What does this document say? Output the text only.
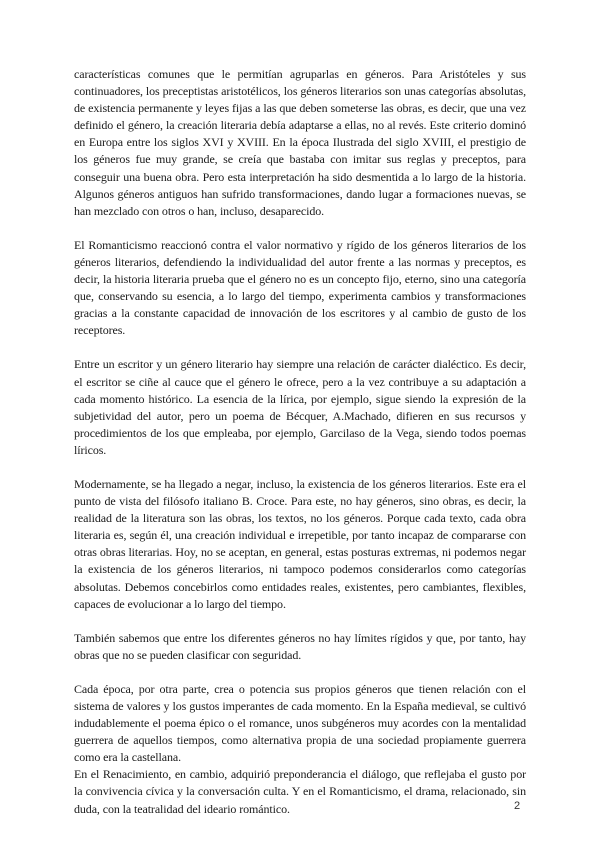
características comunes que le permitían agruparlas en géneros. Para Aristóteles y sus continuadores, los preceptistas aristotélicos, los géneros literarios son unas categorías absolutas, de existencia permanente y leyes fijas a las que deben someterse las obras, es decir, que una vez definido el género, la creación literaria debía adaptarse a ellas, no al revés. Este criterio dominó en Europa entre los siglos XVI y XVIII. En la época Ilustrada del siglo XVIII, el prestigio de los géneros fue muy grande, se creía que bastaba con imitar sus reglas y preceptos, para conseguir una buena obra. Pero esta interpretación ha sido desmentida a lo largo de la historia. Algunos géneros antiguos han sufrido transformaciones, dando lugar a formaciones nuevas, se han mezclado con otros o han, incluso, desaparecido.

El Romanticismo reaccionó contra el valor normativo y rígido de los géneros literarios de los géneros literarios, defendiendo la individualidad del autor frente a las normas y preceptos, es decir, la historia literaria prueba que el género no es un concepto fijo, eterno, sino una categoría que, conservando su esencia, a lo largo del tiempo, experimenta cambios y transformaciones gracias a la constante capacidad de innovación de los escritores y al cambio de gusto de los receptores.

Entre un escritor y un género literario hay siempre una relación de carácter dialéctico. Es decir, el escritor se ciñe al cauce que el género le ofrece, pero a la vez contribuye a su adaptación a cada momento histórico. La esencia de la lírica, por ejemplo, sigue siendo la expresión de la subjetividad del autor, pero un poema de Bécquer, A.Machado, difieren en sus recursos y procedimientos de los que empleaba, por ejemplo, Garcilaso de la Vega, siendo todos poemas líricos.

Modernamente, se ha llegado a negar, incluso, la existencia de los géneros literarios. Este era el punto de vista del filósofo italiano B. Croce. Para este, no hay géneros, sino obras, es decir, la realidad de la literatura son las obras, los textos, no los géneros. Porque cada texto, cada obra literaria es, según él, una creación individual e irrepetible, por tanto incapaz de compararse con otras obras literarias. Hoy, no se aceptan, en general, estas posturas extremas, ni podemos negar la existencia de los géneros literarios, ni tampoco podemos considerarlos como categorías absolutas. Debemos concebirlos como entidades reales, existentes, pero cambiantes, flexibles, capaces de evolucionar a lo largo del tiempo.

También sabemos que entre los diferentes géneros no hay límites rígidos y que, por tanto, hay obras que no se pueden clasificar con seguridad.

Cada época, por otra parte, crea o potencia sus propios géneros que tienen relación con el sistema de valores y los gustos imperantes de cada momento. En la España medieval, se cultivó indudablemente el poema épico o el romance, unos subgéneros muy acordes con la mentalidad guerrera de aquellos tiempos, como alternativa propia de una sociedad propiamente guerrera como era la castellana.

En el Renacimiento, en cambio, adquirió preponderancia el diálogo, que reflejaba el gusto por la convivencia cívica y la conversación culta. Y en el Romanticismo, el drama, relacionado, sin duda, con la teatralidad del ideario romántico.	2
